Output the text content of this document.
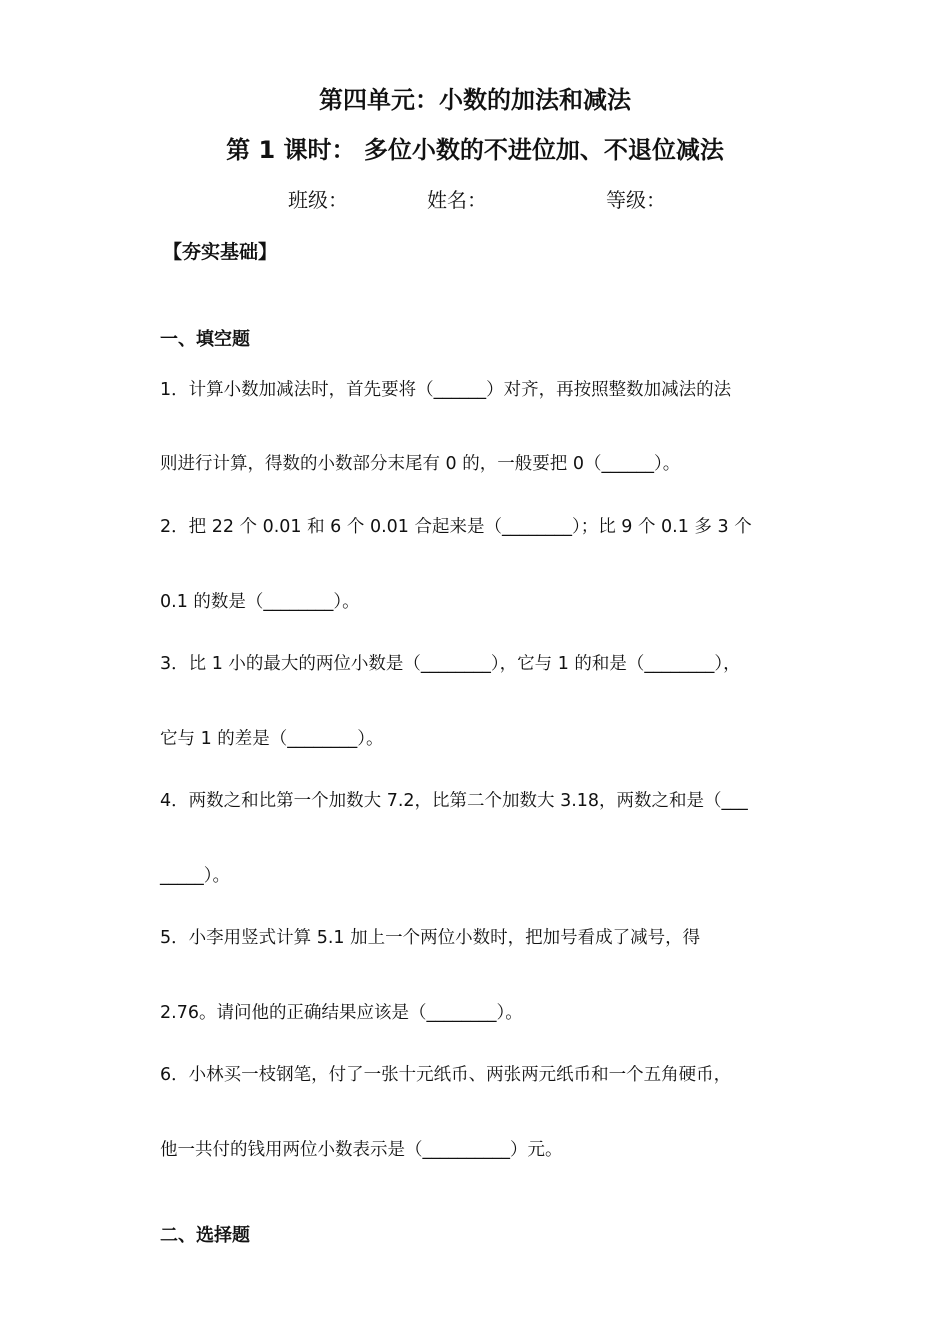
第四单元：小数的加法和减法
第 1 课时： 多位小数的不进位加、不退位减法
班级：	姓名：	等级：
【夯实基础】
一、填空题
1．计算小数加减法时，首先要将（______）对齐，再按照整数加减法的法
则进行计算，得数的小数部分末尾有 0 的，一般要把 0（______）。
2．把 22 个 0.01 和 6 个 0.01 合起来是（________）；比 9 个 0.1 多 3 个
0.1 的数是（________）。
3．比 1 小的最大的两位小数是（________），它与 1 的和是（________），
它与 1 的差是（________）。
4．两数之和比第一个加数大 7.2，比第二个加数大 3.18，两数之和是（___
_____）。
5．小李用竖式计算 5.1 加上一个两位小数时，把加号看成了减号，得
2.76。请问他的正确结果应该是（________）。
6．小林买一枝钢笔，付了一张十元纸币、两张两元纸币和一个五角硬币，
他一共付的钱用两位小数表示是（__________）元。
二、选择题
